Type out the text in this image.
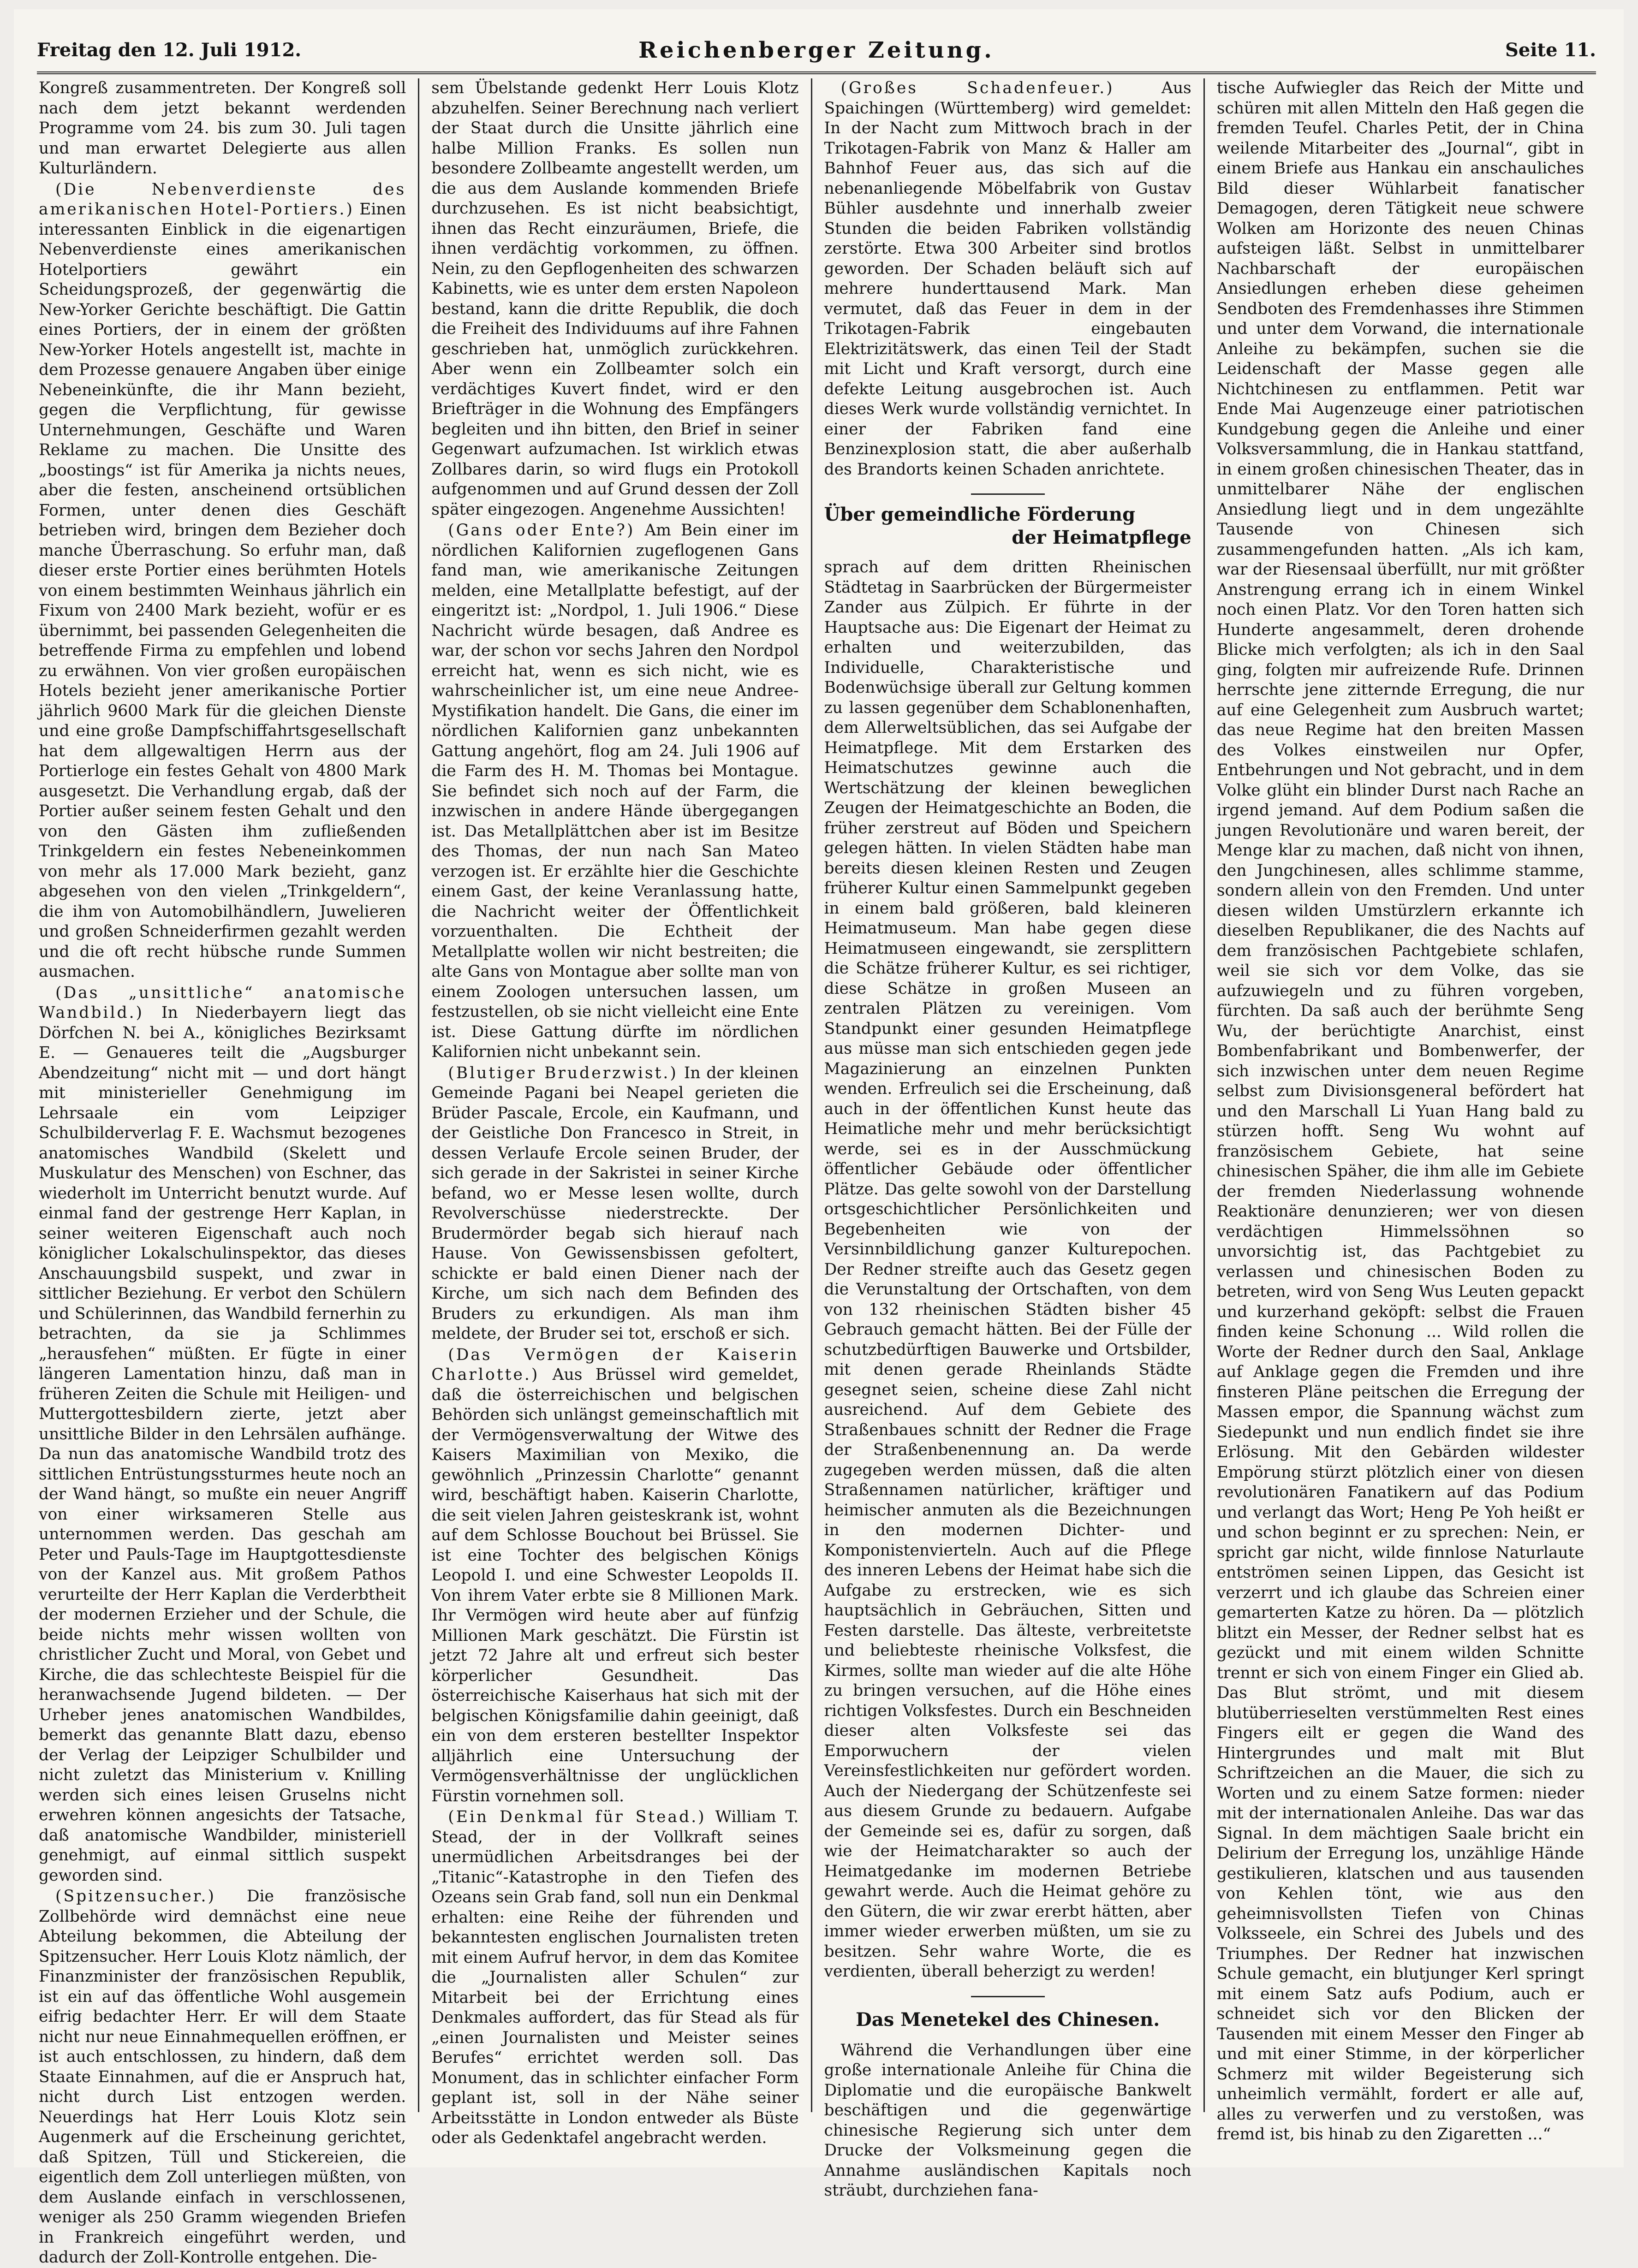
Freitag den 12. Juli 1912.	Reichenberger Zeitung.	Seite 11.

Kongreß zusammentreten. Der Kongreß soll nach dem jetzt bekannt werdenden Programme vom 24. bis zum 30. Juli tagen und man erwartet Delegierte aus allen Kulturländern.

(Die Nebenverdienste des amerikanischen Hotel-Portiers.) Einen interessanten Einblick in die eigenartigen Nebenverdienste eines amerikanischen Hotelportiers gewährt ein Scheidungsprozeß, der gegenwärtig die New-Yorker Gerichte beschäftigt. Die Gattin eines Portiers, der in einem der größten New-Yorker Hotels angestellt ist, machte in dem Prozesse genauere Angaben über einige Nebeneinkünfte, die ihr Mann bezieht, gegen die Verpflichtung, für gewisse Unternehmungen, Geschäfte und Waren Reklame zu machen. Die Unsitte des „boostings“ ist für Amerika ja nichts neues, aber die festen, anscheinend ortsüblichen Formen, unter denen dies Geschäft betrieben wird, bringen dem Bezieher doch manche Überraschung. So erfuhr man, daß dieser erste Portier eines berühmten Hotels von einem bestimmten Weinhaus jährlich ein Fixum von 2400 Mark bezieht, wofür er es übernimmt, bei passenden Gelegenheiten die betreffende Firma zu empfehlen und lobend zu erwähnen. Von vier großen europäischen Hotels bezieht jener amerikanische Portier jährlich 9600 Mark für die gleichen Dienste und eine große Dampfschiffahrtsgesellschaft hat dem allgewaltigen Herrn aus der Portierloge ein festes Gehalt von 4800 Mark ausgesetzt. Die Verhandlung ergab, daß der Portier außer seinem festen Gehalt und den von den Gästen ihm zufließenden Trinkgeldern ein festes Nebeneinkommen von mehr als 17.000 Mark bezieht, ganz abgesehen von den vielen „Trinkgeldern“, die ihm von Automobilhändlern, Juwelieren und großen Schneiderfirmen gezahlt werden und die oft recht hübsche runde Summen ausmachen.

(Das „unsittliche“ anatomische Wandbild.) In Niederbayern liegt das Dörfchen N. bei A., königliches Bezirksamt E. — Genaueres teilt die „Augsburger Abendzeitung“ nicht mit — und dort hängt mit ministerieller Genehmigung im Lehrsaale ein vom Leipziger Schulbilderverlag F. E. Wachsmut bezogenes anatomisches Wandbild (Skelett und Muskulatur des Menschen) von Eschner, das wiederholt im Unterricht benutzt wurde. Auf einmal fand der gestrenge Herr Kaplan, in seiner weiteren Eigenschaft auch noch königlicher Lokalschulinspektor, das dieses Anschauungsbild suspekt, und zwar in sittlicher Beziehung. Er verbot den Schülern und Schülerinnen, das Wandbild fernerhin zu betrachten, da sie ja Schlimmes „herausfehen“ müßten. Er fügte in einer längeren Lamentation hinzu, daß man in früheren Zeiten die Schule mit Heiligen- und Muttergottesbildern zierte, jetzt aber unsittliche Bilder in den Lehrsälen aufhänge. Da nun das anatomische Wandbild trotz des sittlichen Entrüstungssturmes heute noch an der Wand hängt, so mußte ein neuer Angriff von einer wirksameren Stelle aus unternommen werden. Das geschah am Peter und Pauls-Tage im Hauptgottesdienste von der Kanzel aus. Mit großem Pathos verurteilte der Herr Kaplan die Verderbtheit der modernen Erzieher und der Schule, die beide nichts mehr wissen wollten von christlicher Zucht und Moral, von Gebet und Kirche, die das schlechteste Beispiel für die heranwachsende Jugend bildeten. — Der Urheber jenes anatomischen Wandbildes, bemerkt das genannte Blatt dazu, ebenso der Verlag der Leipziger Schulbilder und nicht zuletzt das Ministerium v. Knilling werden sich eines leisen Gruselns nicht erwehren können angesichts der Tatsache, daß anatomische Wandbilder, ministeriell genehmigt, auf einmal sittlich suspekt geworden sind.

(Spitzensucher.) Die französische Zollbehörde wird demnächst eine neue Abteilung bekommen, die Abteilung der Spitzensucher. Herr Louis Klotz nämlich, der Finanzminister der französischen Republik, ist ein auf das öffentliche Wohl ausgemein eifrig bedachter Herr. Er will dem Staate nicht nur neue Einnahmequellen eröffnen, er ist auch entschlossen, zu hindern, daß dem Staate Einnahmen, auf die er Anspruch hat, nicht durch List entzogen werden. Neuerdings hat Herr Louis Klotz sein Augenmerk auf die Erscheinung gerichtet, daß Spitzen, Tüll und Stickereien, die eigentlich dem Zoll unterliegen müßten, von dem Auslande einfach in verschlossenen, weniger als 250 Gramm wiegenden Briefen in Frankreich eingeführt werden, und dadurch der Zoll-Kontrolle entgehen. Die-

sem Übelstande gedenkt Herr Louis Klotz abzuhelfen. Seiner Berechnung nach verliert der Staat durch die Unsitte jährlich eine halbe Million Franks. Es sollen nun besondere Zollbeamte angestellt werden, um die aus dem Auslande kommenden Briefe durchzusehen. Es ist nicht beabsichtigt, ihnen das Recht einzuräumen, Briefe, die ihnen verdächtig vorkommen, zu öffnen. Nein, zu den Gepflogenheiten des schwarzen Kabinetts, wie es unter dem ersten Napoleon bestand, kann die dritte Republik, die doch die Freiheit des Individuums auf ihre Fahnen geschrieben hat, unmöglich zurückkehren. Aber wenn ein Zollbeamter solch ein verdächtiges Kuvert findet, wird er den Briefträger in die Wohnung des Empfängers begleiten und ihn bitten, den Brief in seiner Gegenwart aufzumachen. Ist wirklich etwas Zollbares darin, so wird flugs ein Protokoll aufgenommen und auf Grund dessen der Zoll später eingezogen. Angenehme Aussichten!

(Gans oder Ente?) Am Bein einer im nördlichen Kalifornien zugeflogenen Gans fand man, wie amerikanische Zeitungen melden, eine Metallplatte befestigt, auf der eingeritzt ist: „Nordpol, 1. Juli 1906.“ Diese Nachricht würde besagen, daß Andree es war, der schon vor sechs Jahren den Nordpol erreicht hat, wenn es sich nicht, wie es wahrscheinlicher ist, um eine neue Andree-Mystifikation handelt. Die Gans, die einer im nördlichen Kalifornien ganz unbekannten Gattung angehört, flog am 24. Juli 1906 auf die Farm des H. M. Thomas bei Montague. Sie befindet sich noch auf der Farm, die inzwischen in andere Hände übergegangen ist. Das Metallplättchen aber ist im Besitze des Thomas, der nun nach San Mateo verzogen ist. Er erzählte hier die Geschichte einem Gast, der keine Veranlassung hatte, die Nachricht weiter der Öffentlichkeit vorzuenthalten. Die Echtheit der Metallplatte wollen wir nicht bestreiten; die alte Gans von Montague aber sollte man von einem Zoologen untersuchen lassen, um festzustellen, ob sie nicht vielleicht eine Ente ist. Diese Gattung dürfte im nördlichen Kalifornien nicht unbekannt sein.

(Blutiger Bruderzwist.) In der kleinen Gemeinde Pagani bei Neapel gerieten die Brüder Pascale, Ercole, ein Kaufmann, und der Geistliche Don Francesco in Streit, in dessen Verlaufe Ercole seinen Bruder, der sich gerade in der Sakristei in seiner Kirche befand, wo er Messe lesen wollte, durch Revolverschüsse niederstreckte. Der Brudermörder begab sich hierauf nach Hause. Von Gewissensbissen gefoltert, schickte er bald einen Diener nach der Kirche, um sich nach dem Befinden des Bruders zu erkundigen. Als man ihm meldete, der Bruder sei tot, erschoß er sich.

(Das Vermögen der Kaiserin Charlotte.) Aus Brüssel wird gemeldet, daß die österreichischen und belgischen Behörden sich unlängst gemeinschaftlich mit der Vermögensverwaltung der Witwe des Kaisers Maximilian von Mexiko, die gewöhnlich „Prinzessin Charlotte“ genannt wird, beschäftigt haben. Kaiserin Charlotte, die seit vielen Jahren geisteskrank ist, wohnt auf dem Schlosse Bouchout bei Brüssel. Sie ist eine Tochter des belgischen Königs Leopold I. und eine Schwester Leopolds II. Von ihrem Vater erbte sie 8 Millionen Mark. Ihr Vermögen wird heute aber auf fünfzig Millionen Mark geschätzt. Die Fürstin ist jetzt 72 Jahre alt und erfreut sich bester körperlicher Gesundheit. Das österreichische Kaiserhaus hat sich mit der belgischen Königsfamilie dahin geeinigt, daß ein von dem ersteren bestellter Inspektor alljährlich eine Untersuchung der Vermögensverhältnisse der unglücklichen Fürstin vornehmen soll.

(Ein Denkmal für Stead.) William T. Stead, der in der Vollkraft seines unermüdlichen Arbeitsdranges bei der „Titanic“-Katastrophe in den Tiefen des Ozeans sein Grab fand, soll nun ein Denkmal erhalten: eine Reihe der führenden und bekanntesten englischen Journalisten treten mit einem Aufruf hervor, in dem das Komitee die „Journalisten aller Schulen“ zur Mitarbeit bei der Errichtung eines Denkmales auffordert, das für Stead als für „einen Journalisten und Meister seines Berufes“ errichtet werden soll. Das Monument, das in schlichter einfacher Form geplant ist, soll in der Nähe seiner Arbeitsstätte in London entweder als Büste oder als Gedenktafel angebracht werden.

(Großes Schadenfeuer.) Aus Spaichingen (Württemberg) wird gemeldet: In der Nacht zum Mittwoch brach in der Trikotagen-Fabrik von Manz & Haller am Bahnhof Feuer aus, das sich auf die nebenanliegende Möbelfabrik von Gustav Bühler ausdehnte und innerhalb zweier Stunden die beiden Fabriken vollständig zerstörte. Etwa 300 Arbeiter sind brotlos geworden. Der Schaden beläuft sich auf mehrere hunderttausend Mark. Man vermutet, daß das Feuer in dem in der Trikotagen-Fabrik eingebauten Elektrizitätswerk, das einen Teil der Stadt mit Licht und Kraft versorgt, durch eine defekte Leitung ausgebrochen ist. Auch dieses Werk wurde vollständig vernichtet. In einer der Fabriken fand eine Benzinexplosion statt, die aber außerhalb des Brandorts keinen Schaden anrichtete.

Über gemeindliche Förderung
der Heimatpflege

sprach auf dem dritten Rheinischen Städtetag in Saarbrücken der Bürgermeister Zander aus Zülpich. Er führte in der Hauptsache aus: Die Eigenart der Heimat zu erhalten und weiterzubilden, das Individuelle, Charakteristische und Bodenwüchsige überall zur Geltung kommen zu lassen gegenüber dem Schablonenhaften, dem Allerweltsüblichen, das sei Aufgabe der Heimatpflege. Mit dem Erstarken des Heimatschutzes gewinne auch die Wertschätzung der kleinen beweglichen Zeugen der Heimatgeschichte an Boden, die früher zerstreut auf Böden und Speichern gelegen hätten. In vielen Städten habe man bereits diesen kleinen Resten und Zeugen früherer Kultur einen Sammelpunkt gegeben in einem bald größeren, bald kleineren Heimatmuseum. Man habe gegen diese Heimatmuseen eingewandt, sie zersplittern die Schätze früherer Kultur, es sei richtiger, diese Schätze in großen Museen an zentralen Plätzen zu vereinigen. Vom Standpunkt einer gesunden Heimatpflege aus müsse man sich entschieden gegen jede Magazinierung an einzelnen Punkten wenden. Erfreulich sei die Erscheinung, daß auch in der öffentlichen Kunst heute das Heimatliche mehr und mehr berücksichtigt werde, sei es in der Ausschmückung öffentlicher Gebäude oder öffentlicher Plätze. Das gelte sowohl von der Darstellung ortsgeschichtlicher Persönlichkeiten und Begebenheiten wie von der Versinnbildlichung ganzer Kulturepochen. Der Redner streifte auch das Gesetz gegen die Verunstaltung der Ortschaften, von dem von 132 rheinischen Städten bisher 45 Gebrauch gemacht hätten. Bei der Fülle der schutzbedürftigen Bauwerke und Ortsbilder, mit denen gerade Rheinlands Städte gesegnet seien, scheine diese Zahl nicht ausreichend. Auf dem Gebiete des Straßenbaues schnitt der Redner die Frage der Straßenbenennung an. Da werde zugegeben werden müssen, daß die alten Straßennamen natürlicher, kräftiger und heimischer anmuten als die Bezeichnungen in den modernen Dichter- und Komponistenvierteln. Auch auf die Pflege des inneren Lebens der Heimat habe sich die Aufgabe zu erstrecken, wie es sich hauptsächlich in Gebräuchen, Sitten und Festen darstelle. Das älteste, verbreitetste und beliebteste rheinische Volksfest, die Kirmes, sollte man wieder auf die alte Höhe zu bringen versuchen, auf die Höhe eines richtigen Volksfestes. Durch ein Beschneiden dieser alten Volksfeste sei das Emporwuchern der vielen Vereinsfestlichkeiten nur gefördert worden. Auch der Niedergang der Schützenfeste sei aus diesem Grunde zu bedauern. Aufgabe der Gemeinde sei es, dafür zu sorgen, daß wie der Heimatcharakter so auch der Heimatgedanke im modernen Betriebe gewahrt werde. Auch die Heimat gehöre zu den Gütern, die wir zwar ererbt hätten, aber immer wieder erwerben müßten, um sie zu besitzen. Sehr wahre Worte, die es verdienten, überall beherzigt zu werden!

Das Menetekel des Chinesen.

Während die Verhandlungen über eine große internationale Anleihe für China die Diplomatie und die europäische Bankwelt beschäftigen und die gegenwärtige chinesische Regierung sich unter dem Drucke der Volksmeinung gegen die Annahme ausländischen Kapitals noch sträubt, durchziehen fana-

tische Aufwiegler das Reich der Mitte und schüren mit allen Mitteln den Haß gegen die fremden Teufel. Charles Petit, der in China weilende Mitarbeiter des „Journal“, gibt in einem Briefe aus Hankau ein anschauliches Bild dieser Wühlarbeit fanatischer Demagogen, deren Tätigkeit neue schwere Wolken am Horizonte des neuen Chinas aufsteigen läßt. Selbst in unmittelbarer Nachbarschaft der europäischen Ansiedlungen erheben diese geheimen Sendboten des Fremdenhasses ihre Stimmen und unter dem Vorwand, die internationale Anleihe zu bekämpfen, suchen sie die Leidenschaft der Masse gegen alle Nichtchinesen zu entflammen. Petit war Ende Mai Augenzeuge einer patriotischen Kundgebung gegen die Anleihe und einer Volksversammlung, die in Hankau stattfand, in einem großen chinesischen Theater, das in unmittelbarer Nähe der englischen Ansiedlung liegt und in dem ungezählte Tausende von Chinesen sich zusammengefunden hatten. „Als ich kam, war der Riesensaal überfüllt, nur mit größter Anstrengung errang ich in einem Winkel noch einen Platz. Vor den Toren hatten sich Hunderte angesammelt, deren drohende Blicke mich verfolgten; als ich in den Saal ging, folgten mir aufreizende Rufe. Drinnen herrschte jene zitternde Erregung, die nur auf eine Gelegenheit zum Ausbruch wartet; das neue Regime hat den breiten Massen des Volkes einstweilen nur Opfer, Entbehrungen und Not gebracht, und in dem Volke glüht ein blinder Durst nach Rache an irgend jemand. Auf dem Podium saßen die jungen Revolutionäre und waren bereit, der Menge klar zu machen, daß nicht von ihnen, den Jungchinesen, alles schlimme stamme, sondern allein von den Fremden. Und unter diesen wilden Umstürzlern erkannte ich dieselben Republikaner, die des Nachts auf dem französischen Pachtgebiete schlafen, weil sie sich vor dem Volke, das sie aufzuwiegeln und zu führen vorgeben, fürchten. Da saß auch der berühmte Seng Wu, der berüchtigte Anarchist, einst Bombenfabrikant und Bombenwerfer, der sich inzwischen unter dem neuen Regime selbst zum Divisionsgeneral befördert hat und den Marschall Li Yuan Hang bald zu stürzen hofft. Seng Wu wohnt auf französischem Gebiete, hat seine chinesischen Späher, die ihm alle im Gebiete der fremden Niederlassung wohnende Reaktionäre denunzieren; wer von diesen verdächtigen Himmelssöhnen so unvorsichtig ist, das Pachtgebiet zu verlassen und chinesischen Boden zu betreten, wird von Seng Wus Leuten gepackt und kurzerhand geköpft: selbst die Frauen finden keine Schonung ... Wild rollen die Worte der Redner durch den Saal, Anklage auf Anklage gegen die Fremden und ihre finsteren Pläne peitschen die Erregung der Massen empor, die Spannung wächst zum Siedepunkt und nun endlich findet sie ihre Erlösung. Mit den Gebärden wildester Empörung stürzt plötzlich einer von diesen revolutionären Fanatikern auf das Podium und verlangt das Wort; Heng Pe Yoh heißt er und schon beginnt er zu sprechen: Nein, er spricht gar nicht, wilde finnlose Naturlaute entströmen seinen Lippen, das Gesicht ist verzerrt und ich glaube das Schreien einer gemarterten Katze zu hören. Da — plötzlich blitzt ein Messer, der Redner selbst hat es gezückt und mit einem wilden Schnitte trennt er sich von einem Finger ein Glied ab. Das Blut strömt, und mit diesem blutüberrieselten verstümmelten Rest eines Fingers eilt er gegen die Wand des Hintergrundes und malt mit Blut Schriftzeichen an die Mauer, die sich zu Worten und zu einem Satze formen: nieder mit der internationalen Anleihe. Das war das Signal. In dem mächtigen Saale bricht ein Delirium der Erregung los, unzählige Hände gestikulieren, klatschen und aus tausenden von Kehlen tönt, wie aus den geheimnisvollsten Tiefen von Chinas Volksseele, ein Schrei des Jubels und des Triumphes. Der Redner hat inzwischen Schule gemacht, ein blutjunger Kerl springt mit einem Satz aufs Podium, auch er schneidet sich vor den Blicken der Tausenden mit einem Messer den Finger ab und mit einer Stimme, in der körperlicher Schmerz mit wilder Begeisterung sich unheimlich vermählt, fordert er alle auf, alles zu verwerfen und zu verstoßen, was fremd ist, bis hinab zu den Zigaretten ...“
